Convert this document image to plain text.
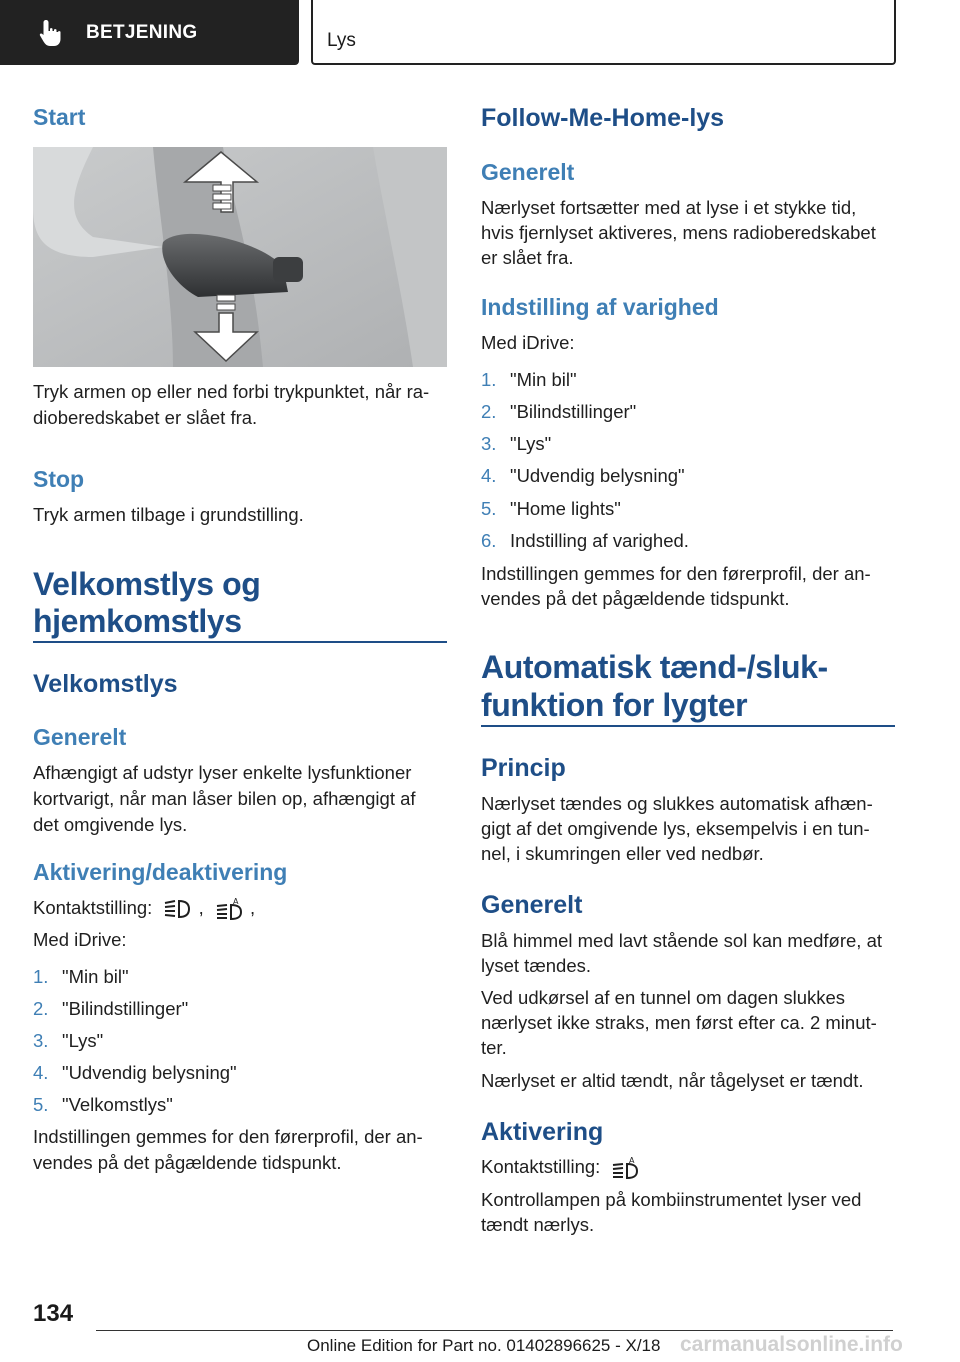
BETJENING	Lys
Start
Tryk armen op eller ned forbi trykpunktet, når ra‐
dioberedskabet er slået fra.
Stop
Tryk armen tilbage i grundstilling.
Velkomstlys og
hjemkomstlys
Velkomstlys
Generelt
Afhængigt af udstyr lyser enkelte lysfunktioner
kortvarigt, når man låser bilen op, afhængigt af
det omgivende lys.
Aktivering/deaktivering
Kontaktstilling:	,	A ,
Med iDrive:
1. "Min bil"
2. "Bilindstillinger"
3. "Lys"
4. "Udvendig belysning"
5. "Velkomstlys"
Indstillingen gemmes for den førerprofil, der an‐
vendes på det pågældende tidspunkt.
Follow-Me-Home-lys
Generelt
Nærlyset fortsætter med at lyse i et stykke tid,
hvis fjernlyset aktiveres, mens radioberedskabet
er slået fra.
Indstilling af varighed
Med iDrive:
1. "Min bil"
2. "Bilindstillinger"
3. "Lys"
4. "Udvendig belysning"
5. "Home lights"
6. Indstilling af varighed.
Indstillingen gemmes for den førerprofil, der an‐
vendes på det pågældende tidspunkt.
Automatisk tænd-/sluk‐
funktion for lygter
Princip
Nærlyset tændes og slukkes automatisk afhæn‐
gigt af det omgivende lys, eksempelvis i en tun‐
nel, i skumringen eller ved nedbør.
Generelt
Blå himmel med lavt stående sol kan medføre, at
lyset tændes.
Ved udkørsel af en tunnel om dagen slukkes
nærlyset ikke straks, men først efter ca. 2 minut‐
ter.
Nærlyset er altid tændt, når tågelyset er tændt.
Aktivering
Kontaktstilling:	A
Kontrollampen på kombiinstrumentet lyser ved
tændt nærlys.
134
Online Edition for Part no. 01402896625 - X/18 carmanualsonline.info
